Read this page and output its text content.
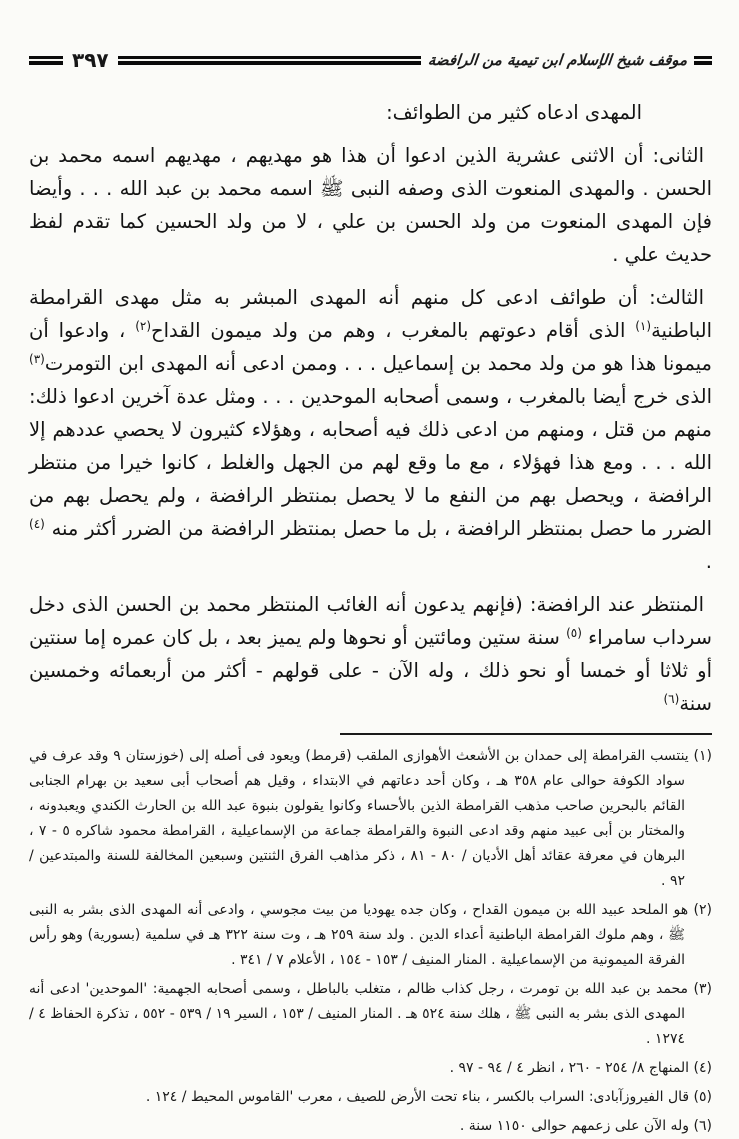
موقف شيخ الإسلام ابن تيمية من الرافضة
٣٩٧

المهدى ادعاه كثير من الطوائف:

الثانى: أن الاثنى عشرية الذين ادعوا أن هذا هو مهديهم ، مهديهم اسمه محمد بن الحسن . والمهدى المنعوت الذى وصفه النبى ﷺ اسمه محمد بن عبد الله . . . وأيضا فإن المهدى المنعوت من ولد الحسن بن علي ، لا من ولد الحسين كما تقدم لفظ حديث علي .

الثالث: أن طوائف ادعى كل منهم أنه المهدى المبشر به مثل مهدى القرامطة الباطنية$^{(١)}$ الذى أقام دعوتهم بالمغرب ، وهم من ولد ميمون القداح$^{(٢)}$ ، وادعوا أن ميمونا هذا هو من ولد محمد بن إسماعيل . . . وممن ادعى أنه المهدى ابن التومرت$^{(٣)}$ الذى خرج أيضا بالمغرب ، وسمى أصحابه الموحدين . . . ومثل عدة آخرين ادعوا ذلك: منهم من قتل ، ومنهم من ادعى ذلك فيه أصحابه ، وهؤلاء كثيرون لا يحصي عددهم إلا الله . . . ومع هذا فهؤلاء ، مع ما وقع لهم من الجهل والغلط ، كانوا خيرا من منتظر الرافضة ، ويحصل بهم من النفع ما لا يحصل بمنتظر الرافضة ، ولم يحصل بهم من الضرر ما حصل بمنتظر الرافضة ، بل ما حصل بمنتظر الرافضة من الضرر أكثر منه $^{(٤)}$ .

المنتظر عند الرافضة: (فإنهم يدعون أنه الغائب المنتظر محمد بن الحسن الذى دخل سرداب سامراء $^{(٥)}$ سنة ستين ومائتين أو نحوها ولم يميز بعد ، بل كان عمره إما سنتين أو ثلاثا أو خمسا أو نحو ذلك ، وله الآن - على قولهم - أكثر من أربعمائه وخمسين سنة$^{(٦)}$

(١) ينتسب القرامطة إلى حمدان بن الأشعث الأهوازى الملقب (قرمط) ويعود فى أصله إلى (خوزستان ٩ وقد عرف في سواد الكوفة حوالى عام ٣٥٨ هـ ، وكان أحد دعاتهم في الابتداء ، وقيل هم أصحاب أبى سعيد بن بهرام الجنابى القائم بالبحرين صاحب مذهب القرامطة الذين بالأحساء وكانوا يقولون بنبوة عبد الله بن الحارث الكندي ويعبدونه ، والمختار بن أبى عبيد منهم وقد ادعى النبوة والقرامطة جماعة من الإسماعيلية ، القرامطة محمود شاكره ٥ - ٧ ، البرهان في معرفة عقائد أهل الأديان / ٨٠ - ٨١ ، ذكر مذاهب الفرق الثنتين وسبعين المخالفة للسنة والمبتدعين / ٩٢ .
(٢) هو الملحد عبيد الله بن ميمون القداح ، وكان جده يهوديا من بيت مجوسي ، وادعى أنه المهدى الذى بشر به النبى ﷺ ، وهم ملوك القرامطة الباطنية أعداء الدين . ولد سنة ٢٥٩ هـ ، وت سنة ٣٢٢ هـ في سلمية (بسورية) وهو رأس الفرقة الميمونية من الإسماعيلية . المنار المنيف / ١٥٣ - ١٥٤ ، الأعلام ٧ / ٣٤١ .
(٣) محمد بن عبد الله بن تومرت ، رجل كذاب ظالم ، متغلب بالباطل ، وسمى أصحابه الجهمية: 'الموحدين' ادعى أنه المهدى الذى بشر به النبى ﷺ ، هلك سنة ٥٢٤ هـ . المنار المنيف / ١٥٣ ، السير ١٩ / ٥٣٩ - ٥٥٢ ، تذكرة الحفاظ ٤ / ١٢٧٤ .
(٤) المنهاج ٨/ ٢٥٤ - ٢٦٠ ، انظر ٤ / ٩٤ - ٩٧ .
(٥) قال الفيروزآبادى: السراب بالكسر ، بناء تحت الأرض للصيف ، معرب 'القاموس المحيط / ١٢٤ .
(٦) وله الآن على زعمهم حوالى ١١٥٠ سنة .
